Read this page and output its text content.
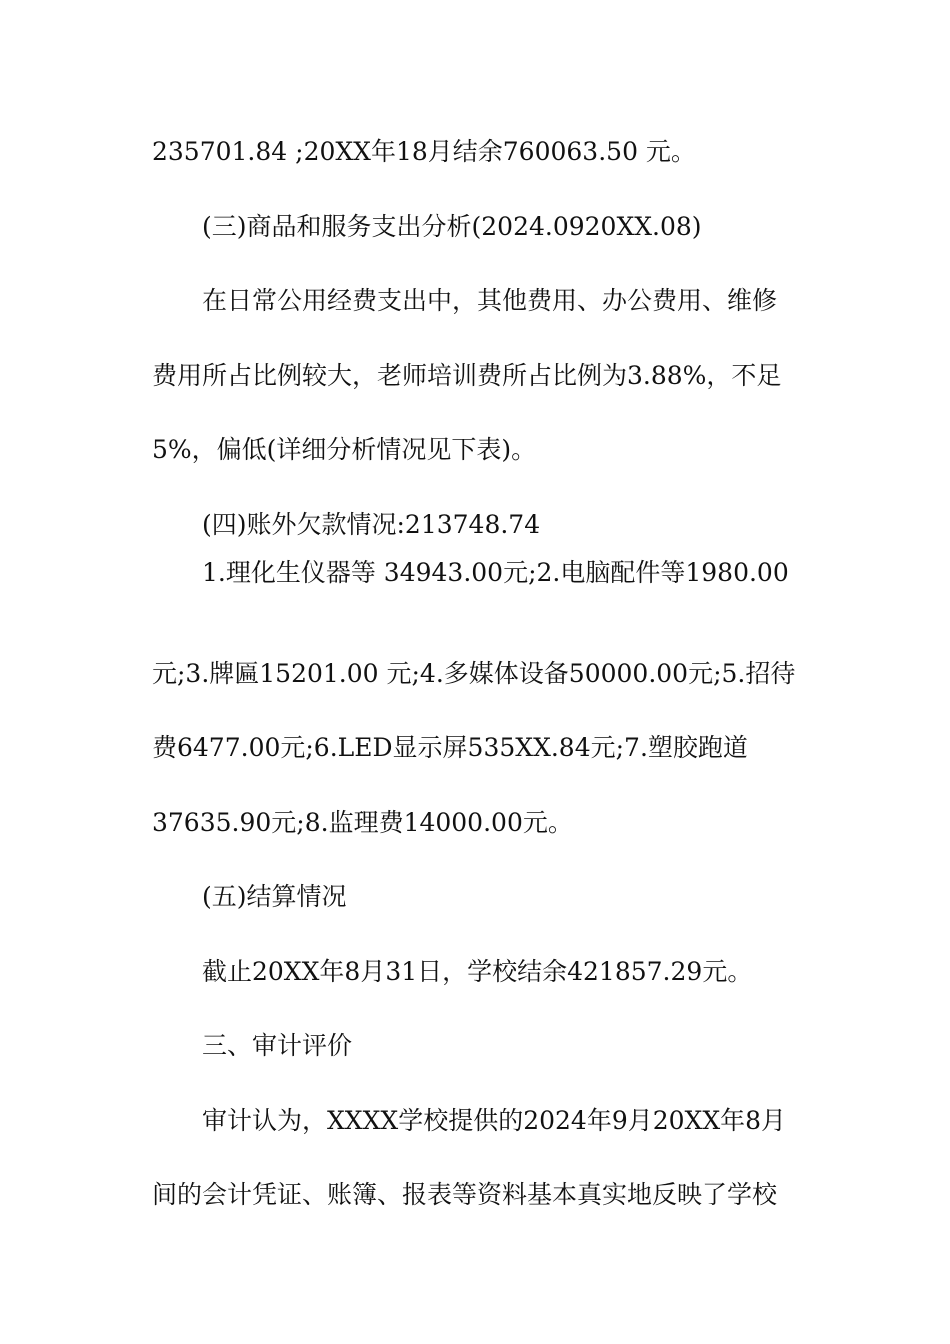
235701.84 ;20XX年18月结余760063.50 元。
(三)商品和服务支出分析(2024.0920XX.08)
在日常公用经费支出中，其他费用、办公费用、维修
费用所占比例较大，老师培训费所占比例为3.88%，不足
5%，偏低(详细分析情况见下表)。
(四)账外欠款情况:213748.74
1.理化生仪器等 34943.00元;2.电脑配件等1980.00
元;3.牌匾15201.00 元;4.多媒体设备50000.00元;5.招待
费6477.00元;6.LED显示屏535XX.84元;7.塑胶跑道
37635.90元;8.监理费14000.00元。
(五)结算情况
截止20XX年8月31日，学校结余421857.29元。
三、审计评价
审计认为，XXXX学校提供的2024年9月20XX年8月
间的会计凭证、账簿、报表等资料基本真实地反映了学校
